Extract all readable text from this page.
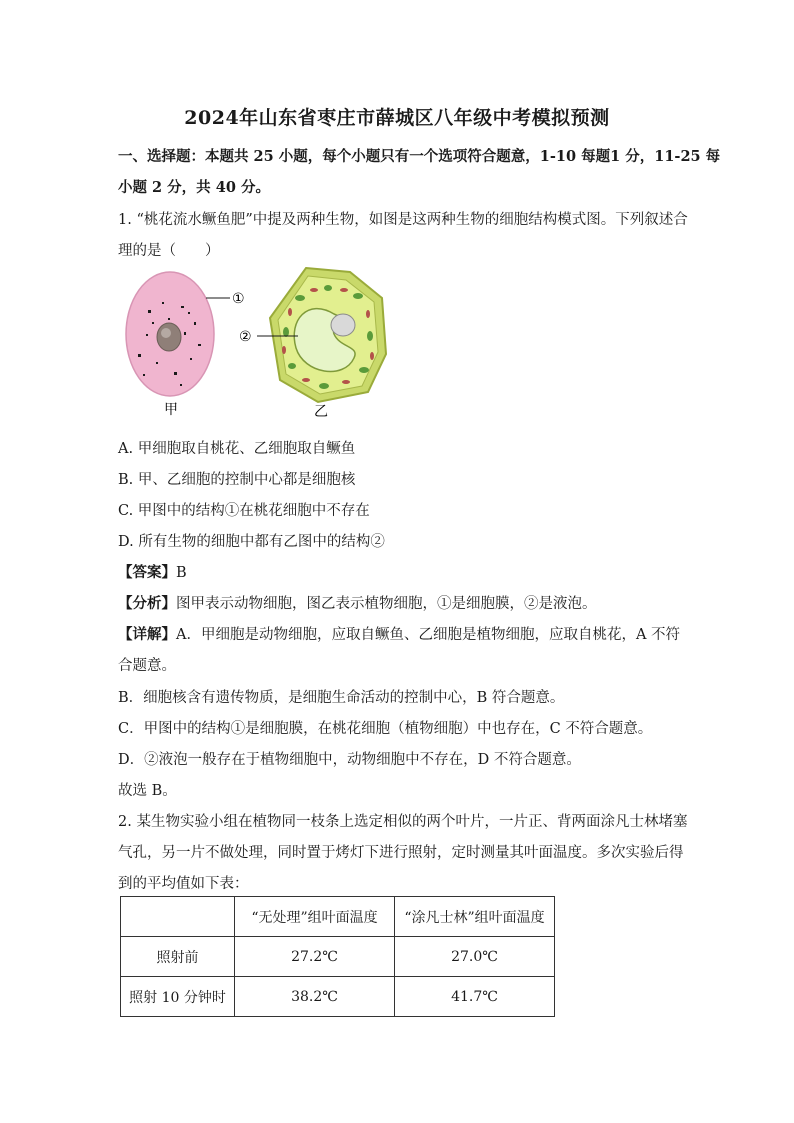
2024年山东省枣庄市薛城区八年级中考模拟预测
一、选择题：本题共 25 小题，每个小题只有一个选项符合题意，1-10 每题1 分，11-25 每
小题 2 分，共 40 分。
1. “桃花流水鳜鱼肥”中提及两种生物，如图是这两种生物的细胞结构模式图。下列叙述合
理的是（　　）
①
甲
②
乙
A. 甲细胞取自桃花、乙细胞取自鳜鱼
B. 甲、乙细胞的控制中心都是细胞核
C. 甲图中的结构①在桃花细胞中不存在
D. 所有生物的细胞中都有乙图中的结构②
【答案】B
【分析】图甲表示动物细胞，图乙表示植物细胞，①是细胞膜，②是液泡。
【详解】A．甲细胞是动物细胞，应取自鳜鱼、乙细胞是植物细胞，应取自桃花，A 不符
合题意。
B．细胞核含有遗传物质，是细胞生命活动的控制中心，B 符合题意。
C．甲图中的结构①是细胞膜，在桃花细胞（植物细胞）中也存在，C 不符合题意。
D．②液泡一般存在于植物细胞中，动物细胞中不存在，D 不符合题意。
故选 B。
2. 某生物实验小组在植物同一枝条上选定相似的两个叶片，一片正、背两面涂凡士林堵塞
气孔，另一片不做处理，同时置于烤灯下进行照射，定时测量其叶面温度。多次实验后得
到的平均值如下表：
	“无处理”组叶面温度	“涂凡士林”组叶面温度
照射前	27.2℃	27.0℃
照射 10 分钟时	38.2℃	41.7℃
